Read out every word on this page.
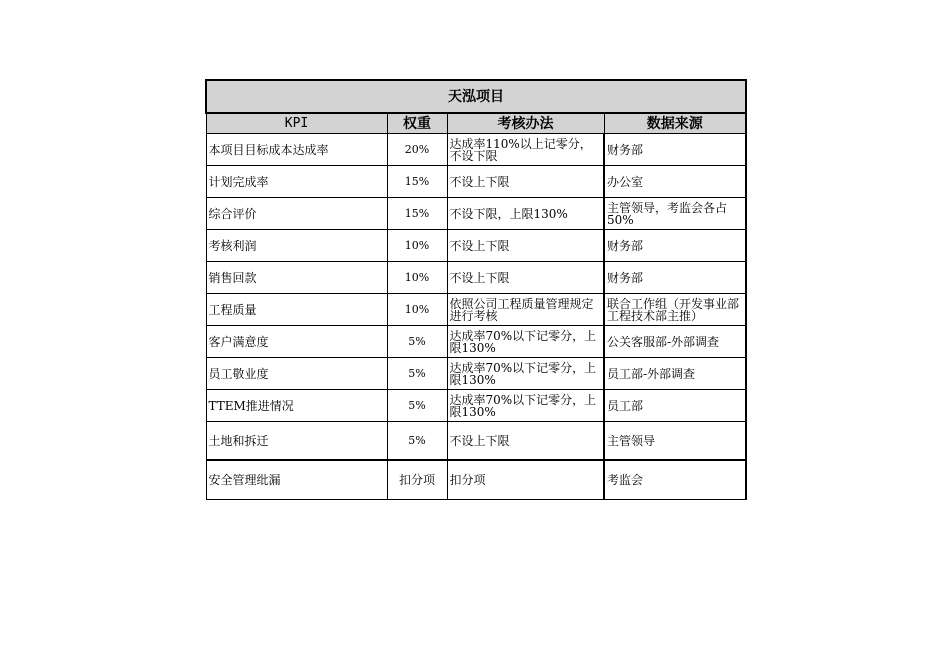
天泓项目			
KPI	权重	考核办法	数据来源
本项目目标成本达成率	20%	达成率110%以上记零分，不设下限	财务部
计划完成率	15%	不设上下限	办公室
综合评价	15%	不设下限，上限130%	主管领导，考监会各占50%
考核利润	10%	不设上下限	财务部
销售回款	10%	不设上下限	财务部
工程质量	10%	依照公司工程质量管理规定进行考核	联合工作组（开发事业部工程技术部主推）
客户满意度	5%	达成率70%以下记零分，上限130%	公关客服部-外部调查
员工敬业度	5%	达成率70%以下记零分，上限130%	员工部-外部调查
TTEM推进情况	5%	达成率70%以下记零分，上限130%	员工部
土地和拆迁	5%	不设上下限	主管领导
安全管理纰漏	扣分项	扣分项	考监会
